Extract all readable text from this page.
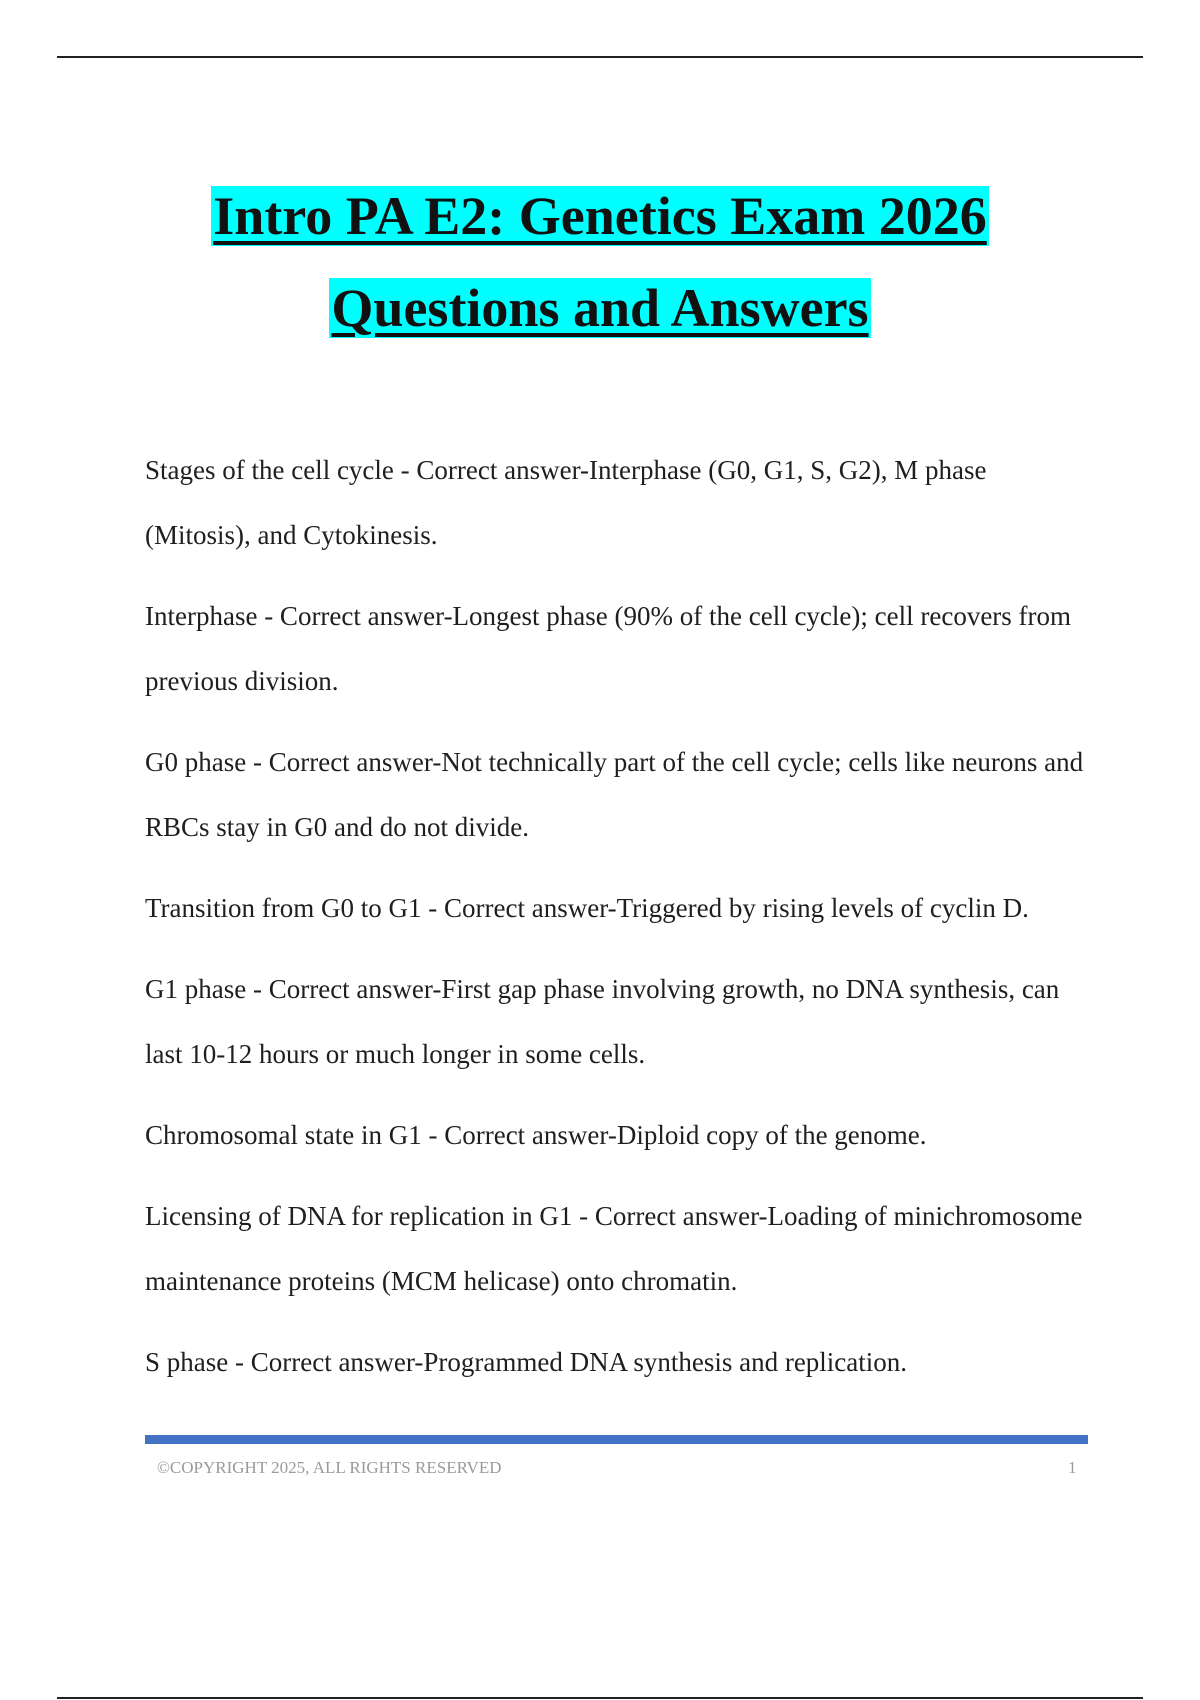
Intro PA E2: Genetics Exam 2026
Questions and Answers

Stages of the cell cycle - Correct answer-Interphase (G0, G1, S, G2), M phase (Mitosis), and Cytokinesis.

Interphase - Correct answer-Longest phase (90% of the cell cycle); cell recovers from previous division.

G0 phase - Correct answer-Not technically part of the cell cycle; cells like neurons and RBCs stay in G0 and do not divide.

Transition from G0 to G1 - Correct answer-Triggered by rising levels of cyclin D.

G1 phase - Correct answer-First gap phase involving growth, no DNA synthesis, can last 10-12 hours or much longer in some cells.

Chromosomal state in G1 - Correct answer-Diploid copy of the genome.

Licensing of DNA for replication in G1 - Correct answer-Loading of minichromosome maintenance proteins (MCM helicase) onto chromatin.

S phase - Correct answer-Programmed DNA synthesis and replication.

©COPYRIGHT 2025, ALL RIGHTS RESERVED	1
